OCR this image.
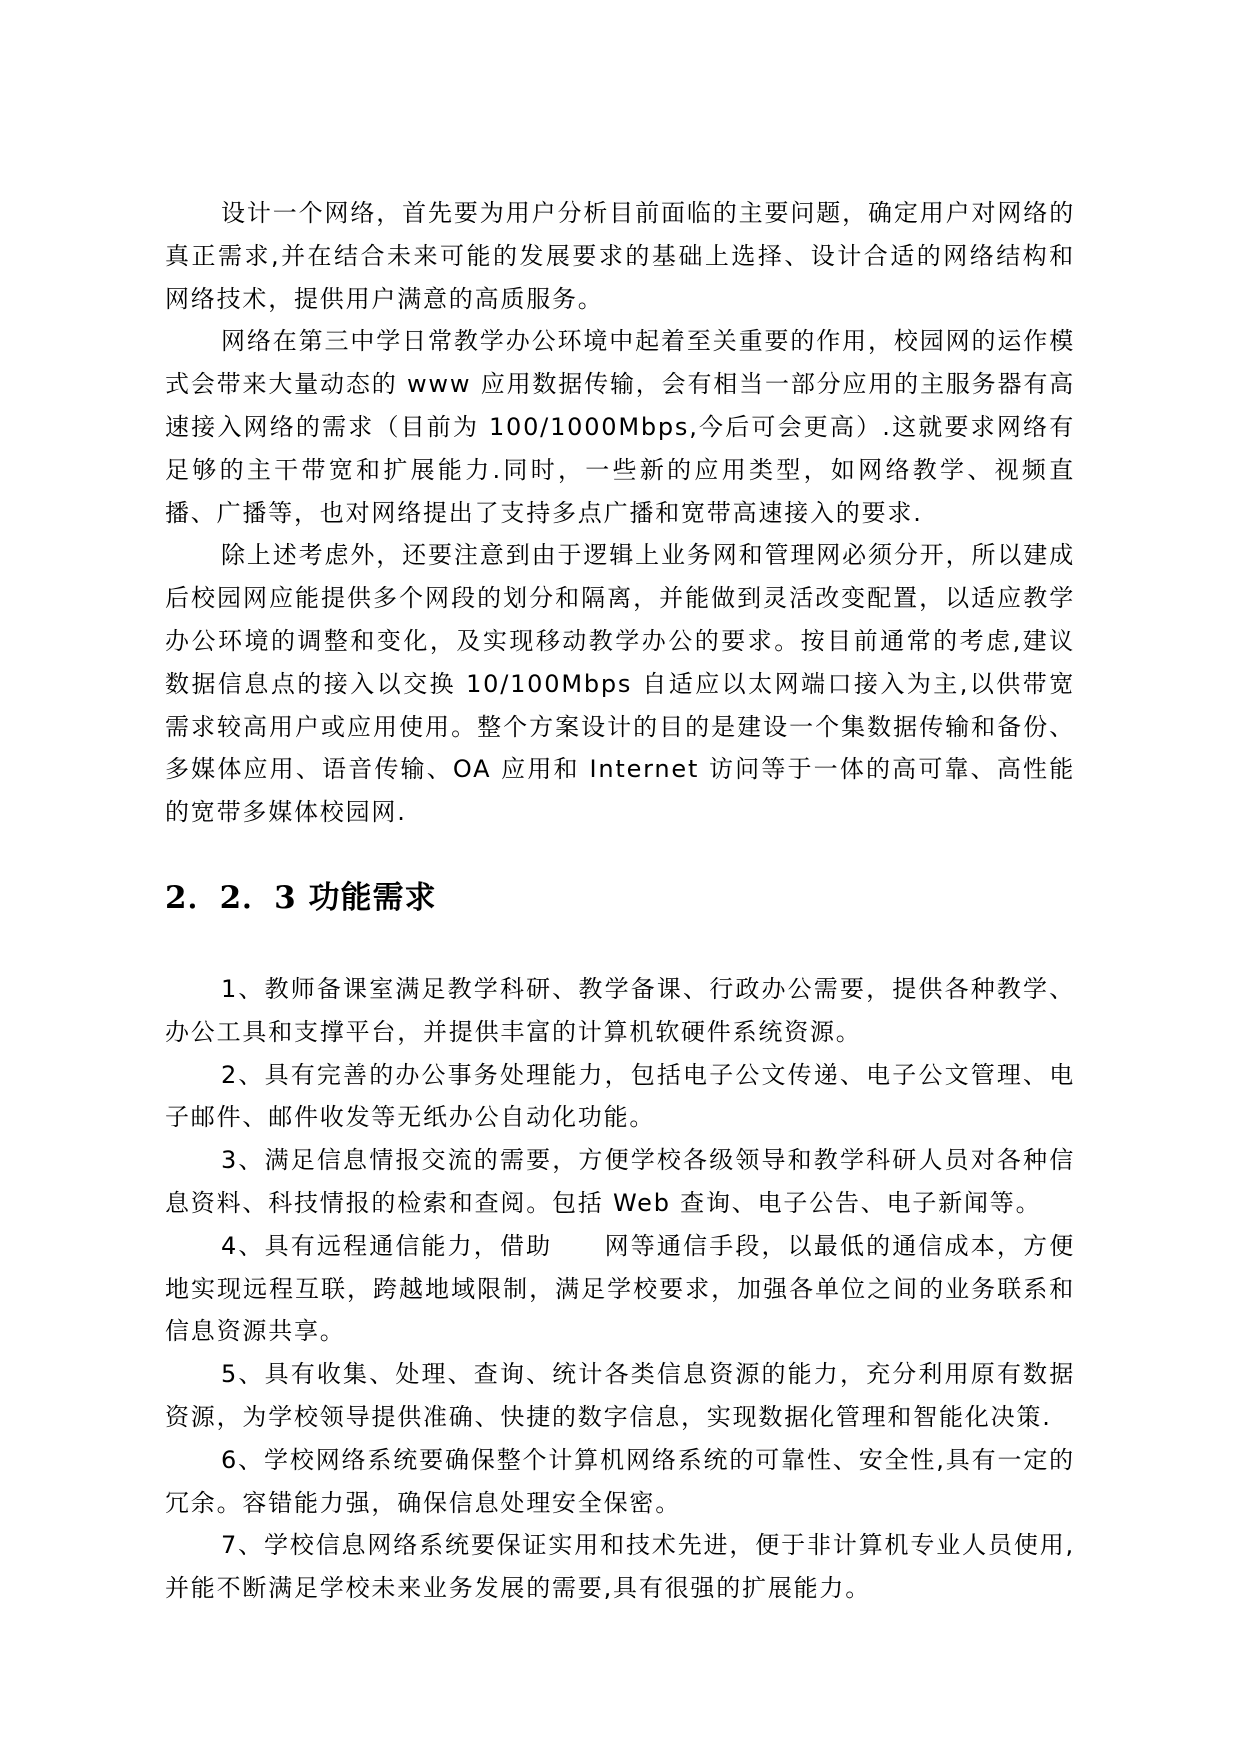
设计一个网络，首先要为用户分析目前面临的主要问题，确定用户对网络的真正需求,并在结合未来可能的发展要求的基础上选择、设计合适的网络结构和网络技术，提供用户满意的高质服务。

网络在第三中学日常教学办公环境中起着至关重要的作用，校园网的运作模式会带来大量动态的 www 应用数据传输，会有相当一部分应用的主服务器有高速接入网络的需求（目前为 100/1000Mbps,今后可会更高）.这就要求网络有足够的主干带宽和扩展能力.同时，一些新的应用类型，如网络教学、视频直播、广播等，也对网络提出了支持多点广播和宽带高速接入的要求.

除上述考虑外，还要注意到由于逻辑上业务网和管理网必须分开，所以建成后校园网应能提供多个网段的划分和隔离，并能做到灵活改变配置，以适应教学办公环境的调整和变化，及实现移动教学办公的要求。按目前通常的考虑,建议数据信息点的接入以交换 10/100Mbps 自适应以太网端口接入为主,以供带宽需求较高用户或应用使用。整个方案设计的目的是建设一个集数据传输和备份、多媒体应用、语音传输、OA 应用和 Internet 访问等于一体的高可靠、高性能的宽带多媒体校园网.

2．2．3 功能需求

1、教师备课室满足教学科研、教学备课、行政办公需要，提供各种教学、办公工具和支撑平台，并提供丰富的计算机软硬件系统资源。

2、具有完善的办公事务处理能力，包括电子公文传递、电子公文管理、电子邮件、邮件收发等无纸办公自动化功能。

3、满足信息情报交流的需要，方便学校各级领导和教学科研人员对各种信息资料、科技情报的检索和查阅。包括 Web 查询、电子公告、电子新闻等。

4、具有远程通信能力，借助　　网等通信手段，以最低的通信成本，方便地实现远程互联，跨越地域限制，满足学校要求，加强各单位之间的业务联系和信息资源共享。

5、具有收集、处理、查询、统计各类信息资源的能力，充分利用原有数据资源，为学校领导提供准确、快捷的数字信息，实现数据化管理和智能化决策.

6、学校网络系统要确保整个计算机网络系统的可靠性、安全性,具有一定的冗余。容错能力强，确保信息处理安全保密。

7、学校信息网络系统要保证实用和技术先进，便于非计算机专业人员使用,并能不断满足学校未来业务发展的需要,具有很强的扩展能力。
